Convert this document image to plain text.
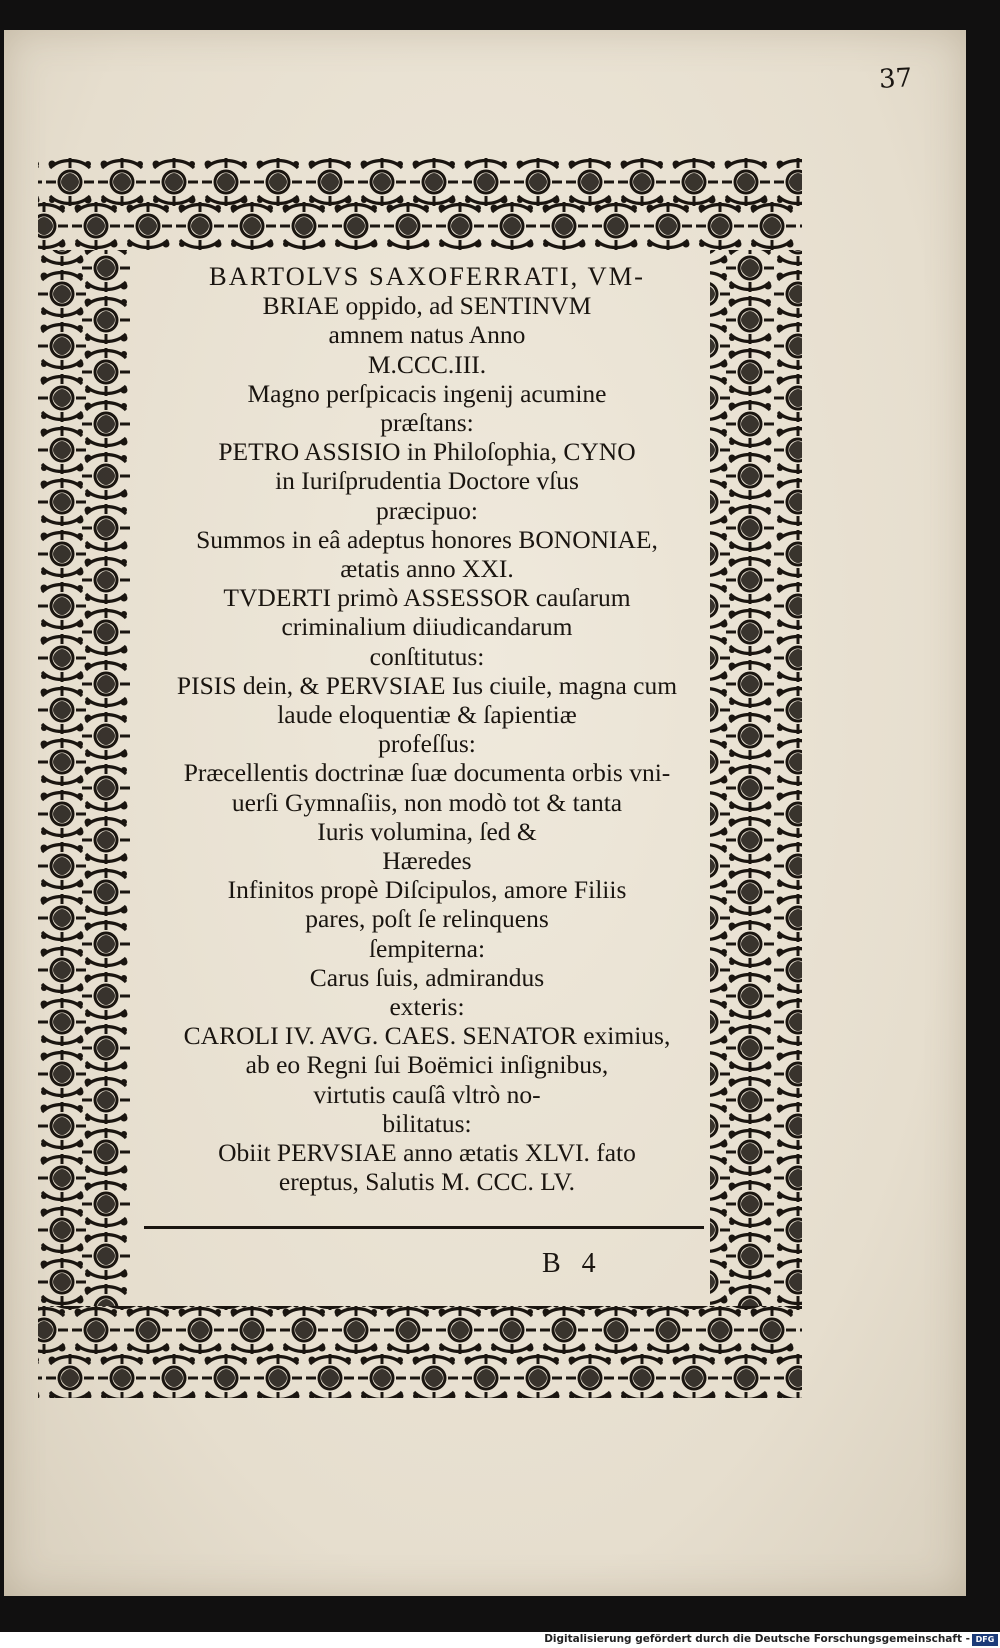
37
BARTOLVS SAXOFERRATI, VM-
BRIAE oppido, ad SENTINVM
amnem natus Anno
M.CCC.III.
Magno perſpicacis ingenij acumine
præſtans:
PETRO ASSISIO in Philoſophia, CYNO
in Iuriſprudentia Doctore vſus
præcipuo:
Summos in eâ adeptus honores BONONIAE,
ætatis anno XXI.
TVDERTI primò ASSESSOR cauſarum
criminalium diiudicandarum
conſtitutus:
PISIS dein, & PERVSIAE Ius ciuile, magna cum
laude eloquentiæ & ſapientiæ
profeſſus:
Præcellentis doctrinæ ſuæ documenta orbis vni-
uerſi Gymnaſiis, non modò tot & tanta
Iuris volumina, ſed &
Hæredes
Infinitos propè Diſcipulos, amore Filiis
pares, poſt ſe relinquens
ſempiterna:
Carus ſuis, admirandus
exteris:
CAROLI IV. AVG. CAES. SENATOR eximius,
ab eo Regni ſui Boëmici inſignibus,
virtutis cauſâ vltrò no-
bilitatus:
Obiit PERVSIAE anno ætatis XLVI. fato
ereptus, Salutis M. CCC. LV.
B 4
Digitalisierung gefördert durch die Deutsche Forschungsgemeinschaft - DFG
